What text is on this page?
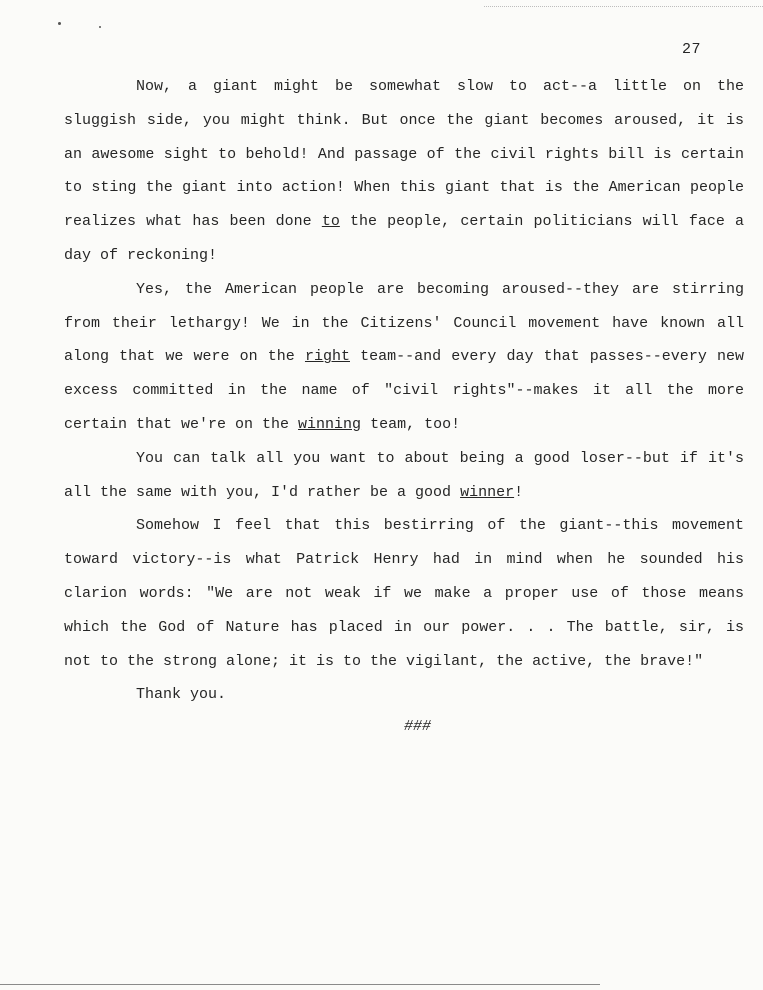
27

Now, a giant might be somewhat slow to act--a little on the sluggish side, you might think. But once the giant becomes aroused, it is an awesome sight to behold! And passage of the civil rights bill is certain to sting the giant into action! When this giant that is the American people realizes what has been done to the people, certain politicians will face a day of reckoning!

Yes, the American people are becoming aroused--they are stirring from their lethargy! We in the Citizens' Council movement have known all along that we were on the right team--and every day that passes--every new excess committed in the name of "civil rights"--makes it all the more certain that we're on the winning team, too!

You can talk all you want to about being a good loser--but if it's all the same with you, I'd rather be a good winner!

Somehow I feel that this bestirring of the giant--this movement toward victory--is what Patrick Henry had in mind when he sounded his clarion words: "We are not weak if we make a proper use of those means which the God of Nature has placed in our power. . . The battle, sir, is not to the strong alone; it is to the vigilant, the active, the brave!"

Thank you.

###
